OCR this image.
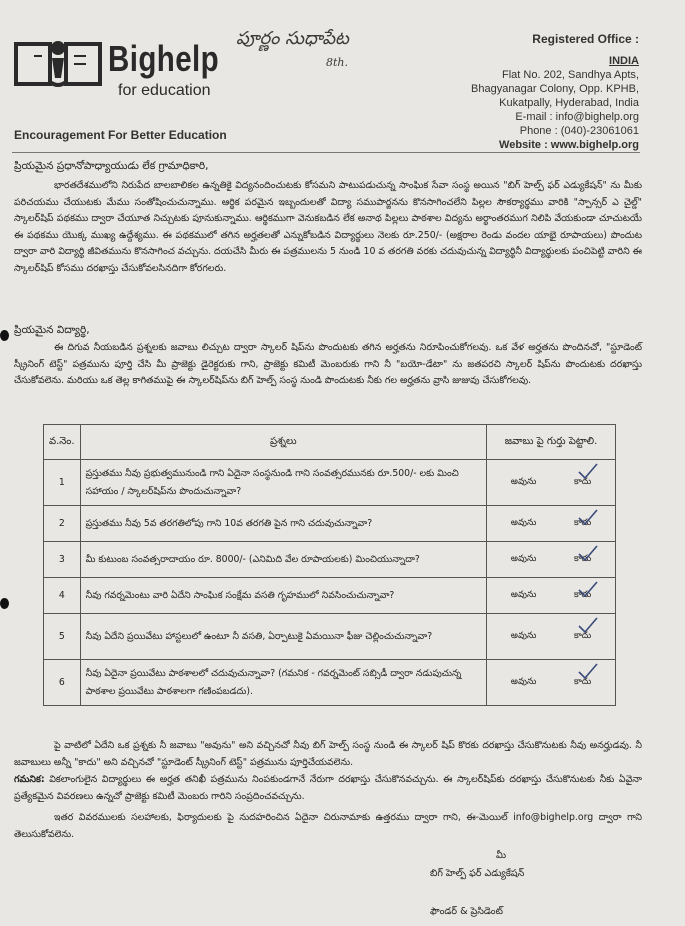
Bighelp
for education
పూర్ణం సుధాపేట
8th.
Encouragement For Better Education
Registered Office :
INDIA
Flat No. 202, Sandhya Apts,
Bhagyanagar Colony, Opp. KPHB,
Kukatpally, Hyderabad, India
E-mail : info@bighelp.org
Phone : (040)-23061061
Website : www.bighelp.org
ప్రియమైన ప్రధానోపాధ్యాయుడు లేక గ్రామాధికారి,
భారతదేశములోని నిరుపేద బాలబాలికల ఉన్నతికై విద్యనందించుటకు కోసమని పాటుపడుచున్న సాంఘిక సేవా సంస్థ అయిన "బిగ్ హెల్ప్ ఫర్ ఎడ్యుకేషన్" ను మీకు పరిచయము చేయుటకు మేము సంతోషించుచున్నాము. ఆర్థిక పరమైన ఇబ్బందులతో విద్యా సముపార్జనను కొనసాగించలేని పిల్లల సౌకర్యార్థము వారికి "స్పాన్సర్ ఎ చైల్డ్" స్కాలర్‌షిప్ పథకము ద్వారా చేయూత నిచ్చుటకు పూనుకున్నాము. ఆర్థికముగా వెనుకబడిన లేక అనాథ పిల్లలు పాఠశాల విద్యను అర్థాంతరముగ నిలిపి వేయకుండా చూచుటయే ఈ పథకము యొక్క ముఖ్య ఉద్దేశ్యము. ఈ పథకములో తగిన అర్హతలతో ఎన్నుకోబడిన విద్యార్థులు నెలకు రూ.250/- (అక్షరాల రెండు వందల యాభై రూపాయలు) పొందుట ద్వారా వారి విద్యార్థి జీవితమును కొనసాగించ వచ్చును. దయచేసి మీరు ఈ పత్రములను 5 నుండి 10 వ తరగతి వరకు చదువుచున్న విద్యార్థినీ విద్యార్థులకు పంచిపెట్టి వారిని ఈ స్కాలర్‌షిప్ కోసము దరఖాస్తు చేసుకోవలసినదిగా కోరగలరు.
ప్రియమైన విద్యార్థి,
ఈ దిగువ నీయబడిన ప్రశ్నలకు జవాబు లిచ్చుట ద్వారా స్కాలర్ షిప్‌ను పొందుటకు తగిన అర్హతను నిరూపించుకోగలవు. ఒక వేళ అర్హతను పొందినచో, "స్టూడెంట్ స్క్రీనింగ్ టెస్ట్" పత్రమును పూర్తి చేసి మీ ప్రాజెక్టు డైరెక్టరుకు గాని, ప్రాజెక్టు కమిటీ మెంబరుకు గాని నీ "బయో-డేటా" ను జతపరచి స్కాలర్ షిప్‌ను పొందుటకు దరఖాస్తు చేసుకోవలెను. మరియు ఒక తెల్ల కాగితముపై ఈ స్కాలర్‌షిప్‌ను బిగ్ హెల్ప్ సంస్థ నుండి పొందుటకు నీకు గల అర్హతను వ్రాసి జుజువు చేసుకోగలవు.
వ.నెం.	ప్రశ్నలు	జవాబు పై గుర్తు పెట్టాలి.
1	ప్రస్తుతము నీవు ప్రభుత్వమునుండి గాని ఏదైనా సంస్థనుండి గాని సంవత్సరమునకు రూ.500/- లకు మించి సహాయం / స్కాలర్‌షిప్‌ను పొందుచున్నావా?	అవును కాదు

2	ప్రస్తుతము నీవు 5వ తరగతిలోపు గాని 10వ తరగతి పైన గాని చదువుచున్నావా?	అవును కాదు

3	మీ కుటుంబ సంవత్సరాదాయం రూ. 8000/- (ఎనిమిది వేల రూపాయలకు) మించియున్నాదా?	అవును కాదు

4	నీవు గవర్నమెంటు వారి ఏదేని సాంఘిక సంక్షేమ వసతి గృహములో నివసించుచున్నావా?	అవును కాదు

5	నీవు ఏదేని ప్రయివేటు హాస్టలులో ఉంటూ నీ వసతి, ఏర్పాటుకై ఏమయినా ఫీజు చెల్లించుచున్నావా?	అవును కాదు

6	నీవు ఏదైనా ప్రయివేటు పాఠశాలలో చదువుచున్నావా? (గమనిక - గవర్నమెంట్ సబ్సిడీ ద్వారా నడుపుచున్న పాఠశాల ప్రయివేటు పాఠశాలగా గణింపబడదు).	అవును కాదు
పై వాటిలో ఏదేని ఒక ప్రశ్నకు నీ జవాబు "అవును" అని వచ్చినచో నీవు బిగ్ హెల్ప్ సంస్థ నుండి ఈ స్కాలర్ షిప్ కొరకు దరఖాస్తు చేసుకొనుటకు నీవు అనర్హుడవు. నీ జవాబులు అన్నీ "కాదు" అని వచ్చినచో "స్టూడెంట్ స్క్రీనింగ్ టెస్ట్" పత్రమును పూర్తిచేయవలెను.
గమనిక: వికలాంగులైన విద్యార్థులు ఈ అర్హత తనిఖీ పత్రమును నింపకుండగానే నేరుగా దరఖాస్తు చేసుకొనవచ్చును. ఈ స్కాలర్‌షిప్‌కు దరఖాస్తు చేసుకొనుటకు నీకు ఏవైనా ప్రత్యేకమైన వివరణలు ఉన్నచో ప్రాజెక్టు కమిటీ మెంబరు గారిని సంప్రదించవచ్చును.
ఇతర వివరములకు సలహాలకు, ఫిర్యాదులకు పై నుదహరించిన ఏదైనా చిరునామాకు ఉత్తరము ద్వారా గాని, ఈ-మెయిల్ info@bighelp.org ద్వారా గాని తెలుసుకోవలెను.
మీ
బిగ్ హెల్ప్ ఫర్ ఎడ్యుకేషన్
ఫౌండర్ & ప్రెసిడెంట్
